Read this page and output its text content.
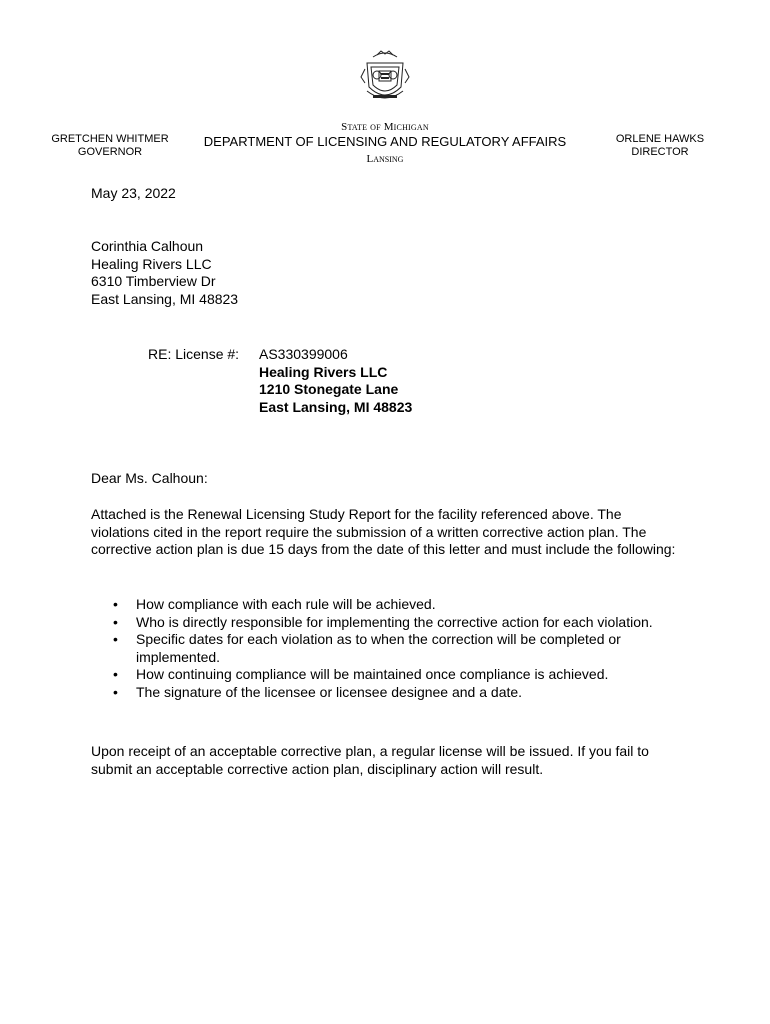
GRETCHEN WHITMER
GOVERNOR
State of Michigan
DEPARTMENT OF LICENSING AND REGULATORY AFFAIRS
Lansing
ORLENE HAWKS
DIRECTOR
May 23, 2022
Corinthia Calhoun
Healing Rivers LLC
6310 Timberview Dr
East Lansing, MI 48823
RE: License #: AS330399006
Healing Rivers LLC
1210 Stonegate Lane
East Lansing, MI 48823
Dear Ms. Calhoun:
Attached is the Renewal Licensing Study Report for the facility referenced above. The violations cited in the report require the submission of a written corrective action plan. The corrective action plan is due 15 days from the date of this letter and must include the following:
• How compliance with each rule will be achieved.
• Who is directly responsible for implementing the corrective action for each violation.
• Specific dates for each violation as to when the correction will be completed or implemented.
• How continuing compliance will be maintained once compliance is achieved.
• The signature of the licensee or licensee designee and a date.
Upon receipt of an acceptable corrective plan, a regular license will be issued. If you fail to submit an acceptable corrective action plan, disciplinary action will result.
